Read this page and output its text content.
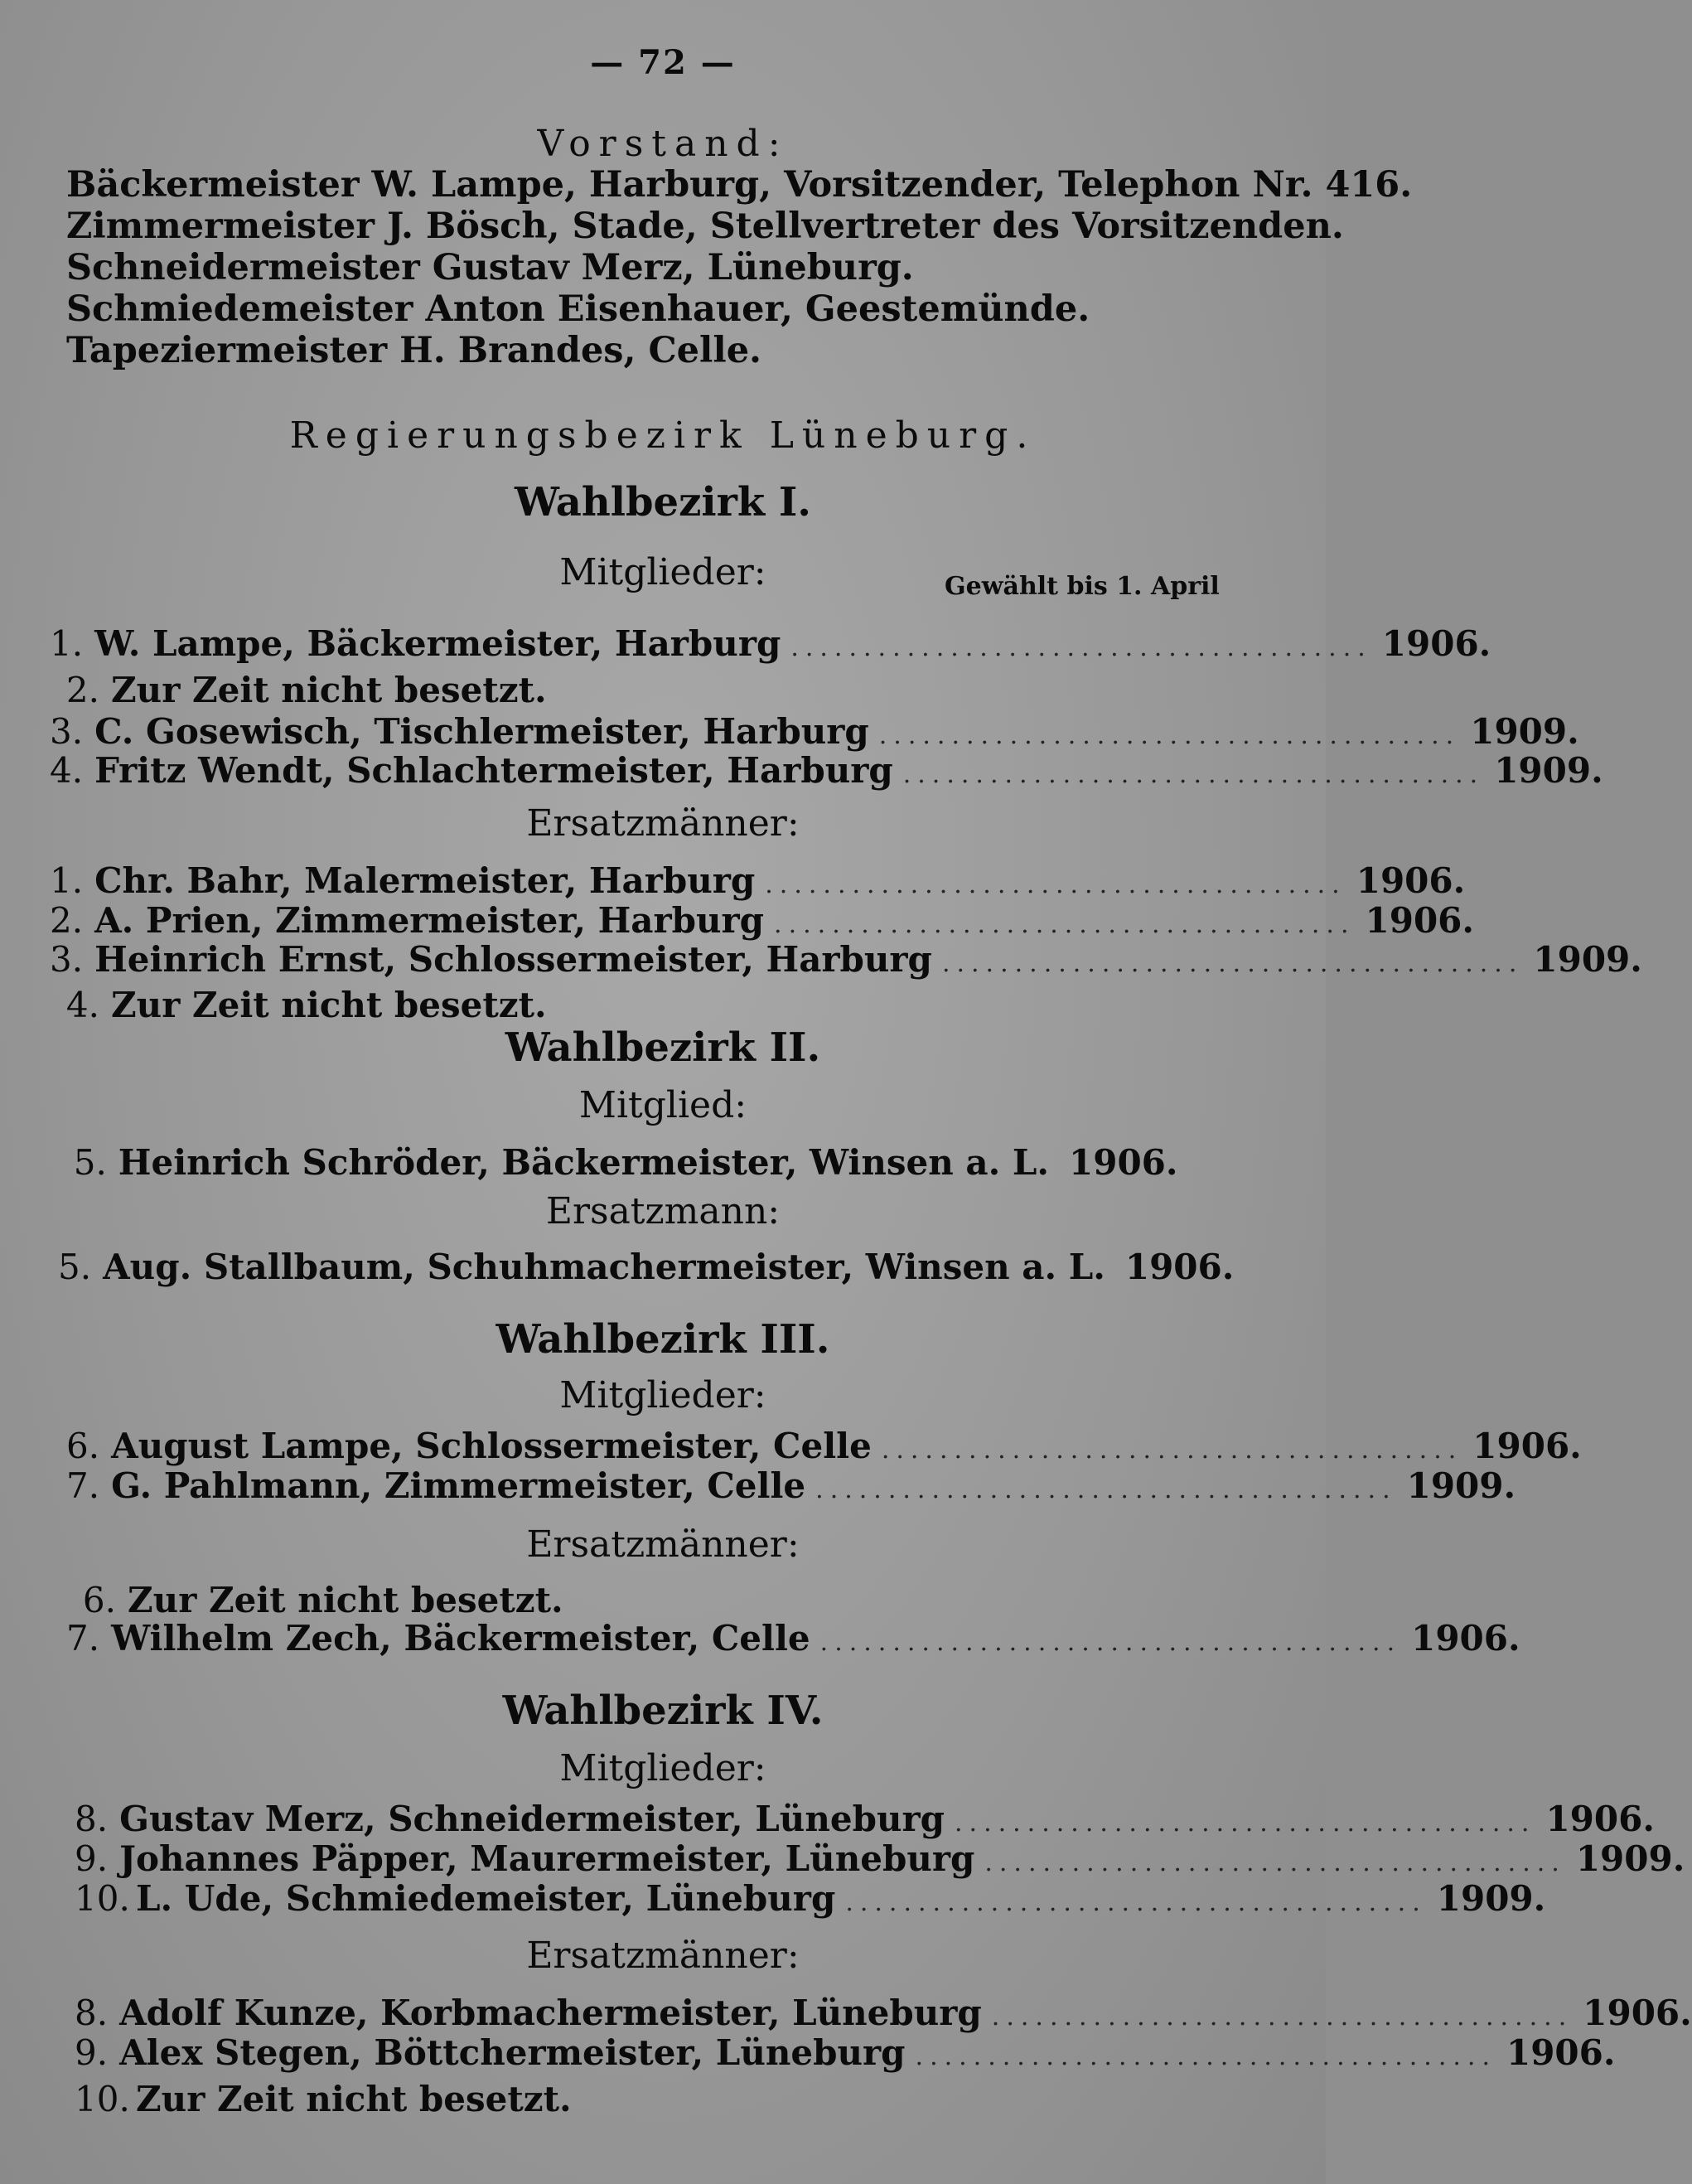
— 72 —
Vorstand:
Bäckermeister W. Lampe, Harburg, Vorsitzender, Telephon Nr. 416.
Zimmermeister J. Bösch, Stade, Stellvertreter des Vorsitzenden.
Schneidermeister Gustav Merz, Lüneburg.
Schmiedemeister Anton Eisenhauer, Geestemünde.
Tapeziermeister H. Brandes, Celle.
Regierungsbezirk Lüneburg.
Wahlbezirk I.
Mitglieder:	Gewählt bis 1. April
1. W. Lampe, Bäckermeister, Harburg ........................................ 1906.
2. Zur Zeit nicht besetzt.
3. C. Gosewisch, Tischlermeister, Harburg ........................................ 1909.
4. Fritz Wendt, Schlachtermeister, Harburg ........................................ 1909.
Ersatzmänner:
1. Chr. Bahr, Malermeister, Harburg ........................................ 1906.
2. A. Prien, Zimmermeister, Harburg ........................................ 1906.
3. Heinrich Ernst, Schlossermeister, Harburg ........................................ 1909.
4. Zur Zeit nicht besetzt.
Wahlbezirk II.
Mitglied:
5. Heinrich Schröder, Bäckermeister, Winsen a. L. 1906.
Ersatzmann:
5. Aug. Stallbaum, Schuhmachermeister, Winsen a. L. 1906.
Wahlbezirk III.
Mitglieder:
6. August Lampe, Schlossermeister, Celle ........................................ 1906.
7. G. Pahlmann, Zimmermeister, Celle ........................................ 1909.
Ersatzmänner:
6. Zur Zeit nicht besetzt.
7. Wilhelm Zech, Bäckermeister, Celle ........................................ 1906.
Wahlbezirk IV.
Mitglieder:
8. Gustav Merz, Schneidermeister, Lüneburg ........................................ 1906.
9. Johannes Päpper, Maurermeister, Lüneburg ........................................ 1909.
10. L. Ude, Schmiedemeister, Lüneburg ........................................ 1909.
Ersatzmänner:
8. Adolf Kunze, Korbmachermeister, Lüneburg ........................................ 1906.
9. Alex Stegen, Böttchermeister, Lüneburg ........................................ 1906.
10. Zur Zeit nicht besetzt.
